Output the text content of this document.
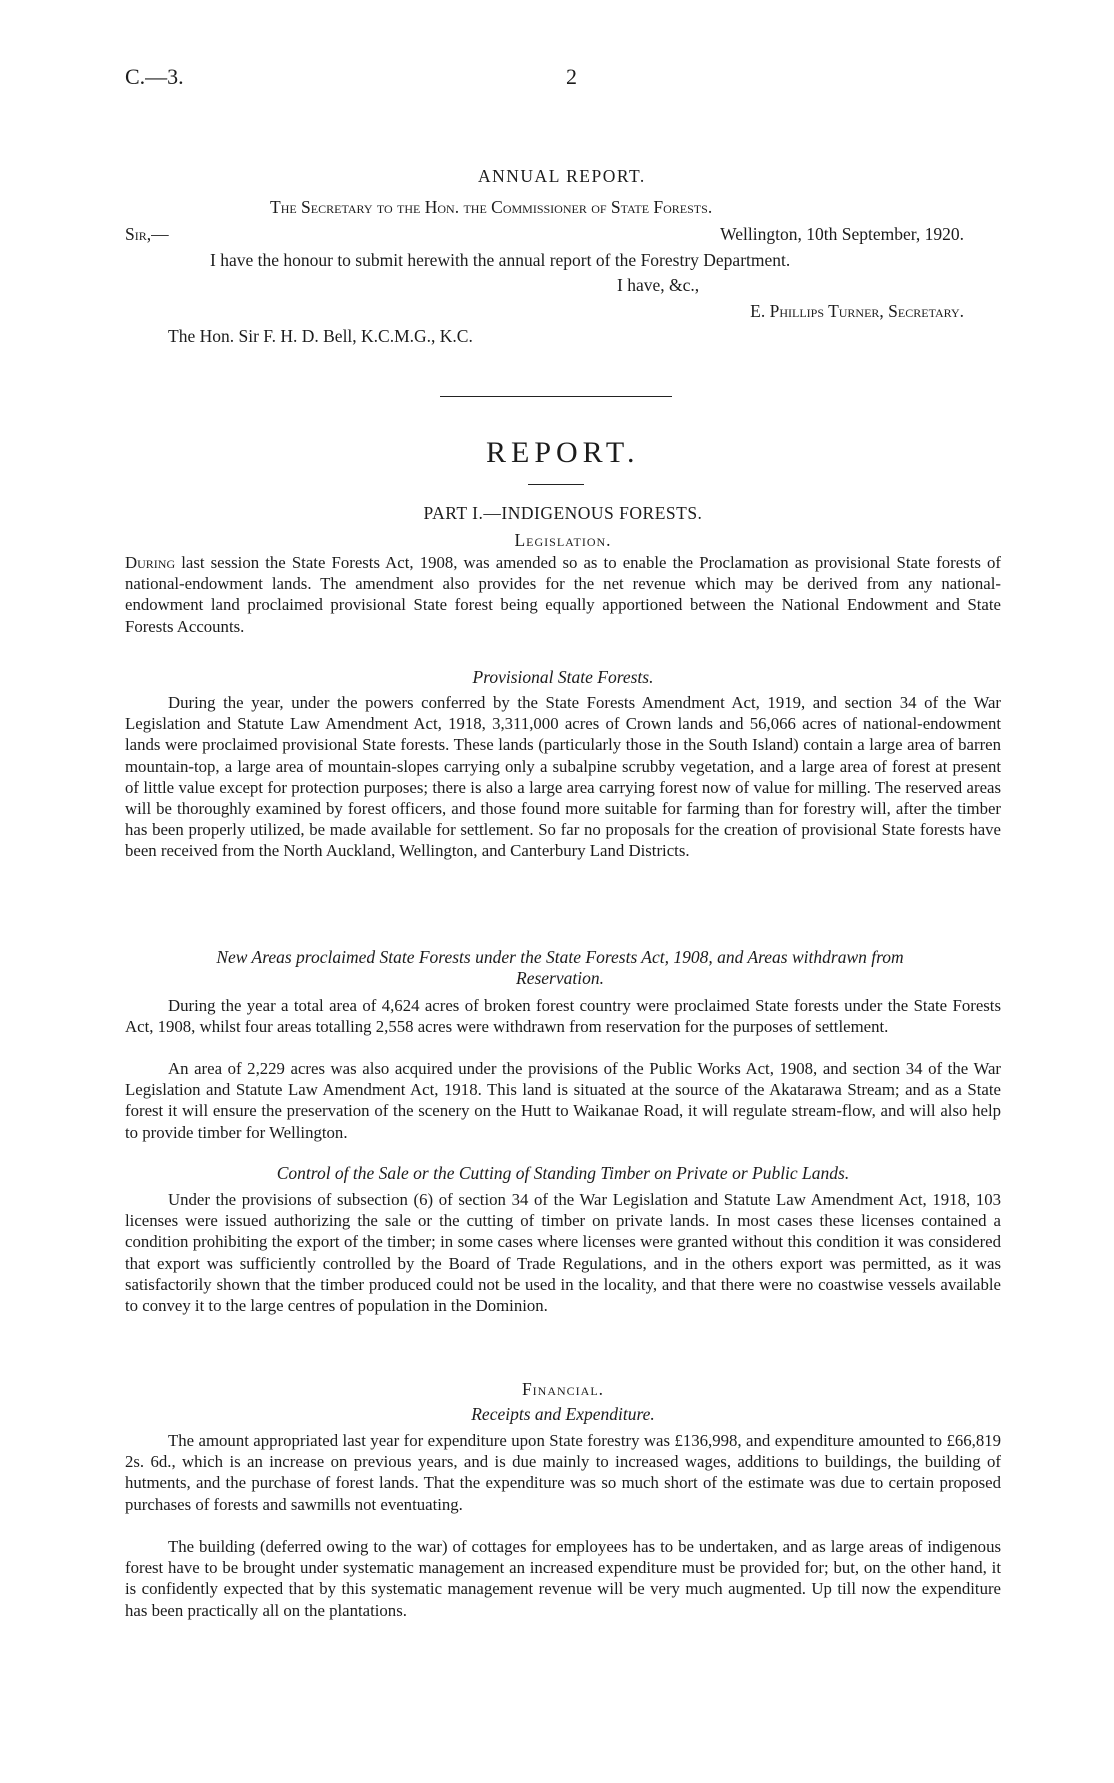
C.—3.	2
ANNUAL REPORT.
The Secretary to the Hon. the Commissioner of State Forests.
Sir,—	Wellington, 10th September, 1920.
I have the honour to submit herewith the annual report of the Forestry Department.
I have, &c.,
E. Phillips Turner, Secretary.
The Hon. Sir F. H. D. Bell, K.C.M.G., K.C.
REPORT.
PART I.—INDIGENOUS FORESTS.
Legislation.

During last session the State Forests Act, 1908, was amended so as to enable the Proclamation as provisional State forests of national-endowment lands. The amendment also provides for the net revenue which may be derived from any national-endowment land proclaimed provisional State forest being equally apportioned between the National Endowment and State Forests Accounts.

Provisional State Forests.

During the year, under the powers conferred by the State Forests Amendment Act, 1919, and section 34 of the War Legislation and Statute Law Amendment Act, 1918, 3,311,000 acres of Crown lands and 56,066 acres of national-endowment lands were proclaimed provisional State forests. These lands (particularly those in the South Island) contain a large area of barren mountain-top, a large area of mountain-slopes carrying only a subalpine scrubby vegetation, and a large area of forest at present of little value except for protection purposes; there is also a large area carrying forest now of value for milling. The reserved areas will be thoroughly examined by forest officers, and those found more suitable for farming than for forestry will, after the timber has been properly utilized, be made available for settlement. So far no proposals for the creation of provisional State forests have been received from the North Auckland, Wellington, and Canterbury Land Districts.

New Areas proclaimed State Forests under the State Forests Act, 1908, and Areas withdrawn from Reservation.

During the year a total area of 4,624 acres of broken forest country were proclaimed State forests under the State Forests Act, 1908, whilst four areas totalling 2,558 acres were withdrawn from reservation for the purposes of settlement.

An area of 2,229 acres was also acquired under the provisions of the Public Works Act, 1908, and section 34 of the War Legislation and Statute Law Amendment Act, 1918. This land is situated at the source of the Akatarawa Stream; and as a State forest it will ensure the preservation of the scenery on the Hutt to Waikanae Road, it will regulate stream-flow, and will also help to provide timber for Wellington.

Control of the Sale or the Cutting of Standing Timber on Private or Public Lands.

Under the provisions of subsection (6) of section 34 of the War Legislation and Statute Law Amendment Act, 1918, 103 licenses were issued authorizing the sale or the cutting of timber on private lands. In most cases these licenses contained a condition prohibiting the export of the timber; in some cases where licenses were granted without this condition it was considered that export was sufficiently controlled by the Board of Trade Regulations, and in the others export was permitted, as it was satisfactorily shown that the timber produced could not be used in the locality, and that there were no coastwise vessels available to convey it to the large centres of population in the Dominion.

Financial.
Receipts and Expenditure.

The amount appropriated last year for expenditure upon State forestry was £136,998, and expenditure amounted to £66,819 2s. 6d., which is an increase on previous years, and is due mainly to increased wages, additions to buildings, the building of hutments, and the purchase of forest lands. That the expenditure was so much short of the estimate was due to certain proposed purchases of forests and sawmills not eventuating.

The building (deferred owing to the war) of cottages for employees has to be undertaken, and as large areas of indigenous forest have to be brought under systematic management an increased expenditure must be provided for; but, on the other hand, it is confidently expected that by this systematic management revenue will be very much augmented. Up till now the expenditure has been practically all on the plantations.
